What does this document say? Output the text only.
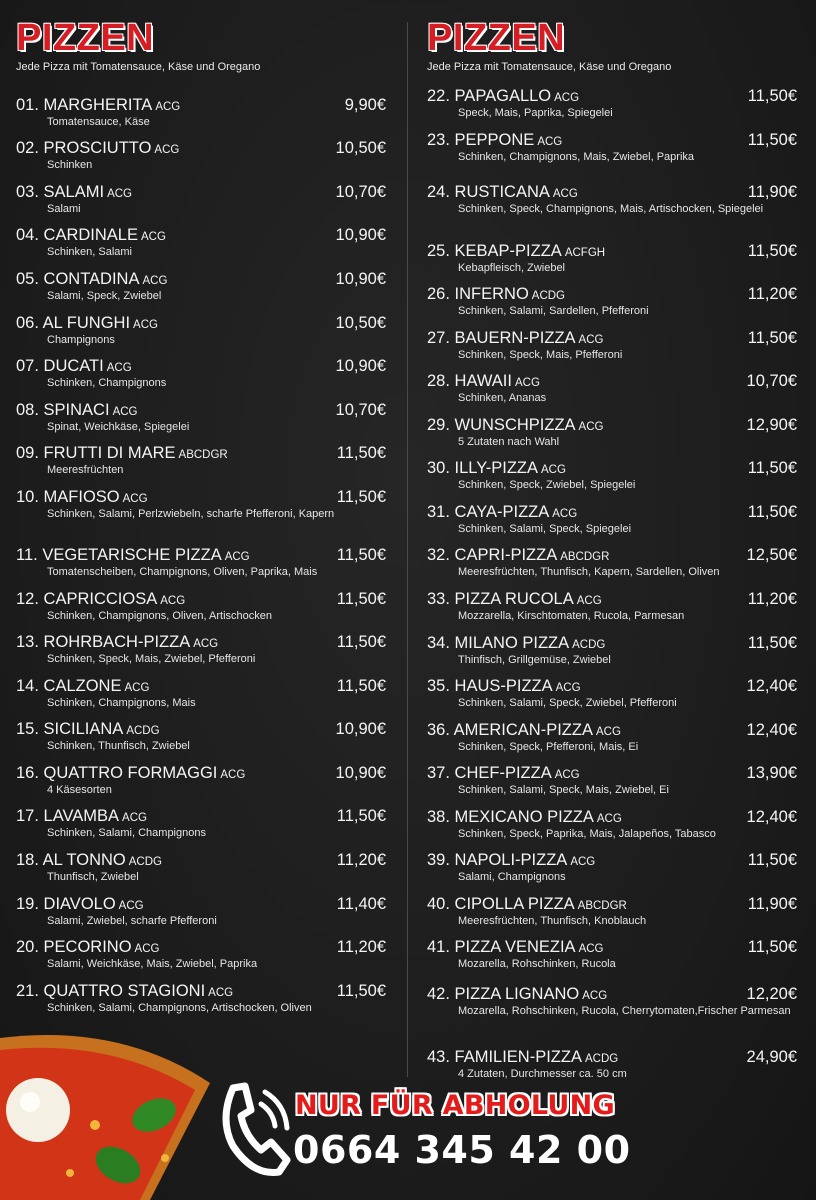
PIZZEN
Jede Pizza mit Tomatensauce, Käse und Oregano
01. MARGHERITA ACG	9,90€
Tomatensauce, Käse
02. PROSCIUTTO ACG	10,50€
Schinken
03. SALAMI ACG	10,70€
Salami
04. CARDINALE ACG	10,90€
Schinken, Salami
05. CONTADINA ACG	10,90€
Salami, Speck, Zwiebel
06. AL FUNGHI ACG	10,50€
Champignons
07. DUCATI ACG	10,90€
Schinken, Champignons
08. SPINACI ACG	10,70€
Spinat, Weichkäse, Spiegelei
09. FRUTTI DI MARE ABCDGR	11,50€
Meeresfrüchten
10. MAFIOSO ACG	11,50€
Schinken, Salami, Perlzwiebeln, scharfe Pfefferoni, Kapern
11. VEGETARISCHE PIZZA ACG	11,50€
Tomatenscheiben, Champignons, Oliven, Paprika, Mais
12. CAPRICCIOSA ACG	11,50€
Schinken, Champignons, Oliven, Artischocken
13. ROHRBACH-PIZZA ACG	11,50€
Schinken, Speck, Mais, Zwiebel, Pfefferoni
14. CALZONE ACG	11,50€
Schinken, Champignons, Mais
15. SICILIANA ACDG	10,90€
Schinken, Thunfisch, Zwiebel
16. QUATTRO FORMAGGI ACG	10,90€
4 Käsesorten
17. LAVAMBA ACG	11,50€
Schinken, Salami, Champignons
18. AL TONNO ACDG	11,20€
Thunfisch, Zwiebel
19. DIAVOLO ACG	11,40€
Salami, Zwiebel, scharfe Pfefferoni
20. PECORINO ACG	11,20€
Salami, Weichkäse, Mais, Zwiebel, Paprika
21. QUATTRO STAGIONI ACG	11,50€
Schinken, Salami, Champignons, Artischocken, Oliven
PIZZEN
Jede Pizza mit Tomatensauce, Käse und Oregano
22. PAPAGALLO ACG	11,50€
Speck, Mais, Paprika, Spiegelei
23. PEPPONE ACG	11,50€
Schinken, Champignons, Mais, Zwiebel, Paprika
24. RUSTICANA ACG	11,90€
Schinken, Speck, Champignons, Mais, Artischocken, Spiegelei
25. KEBAP-PIZZA ACFGH	11,50€
Kebapfleisch, Zwiebel
26. INFERNO ACDG	11,20€
Schinken, Salami, Sardellen, Pfefferoni
27. BAUERN-PIZZA ACG	11,50€
Schinken, Speck, Mais, Pfefferoni
28. HAWAII ACG	10,70€
Schinken, Ananas
29. WUNSCHPIZZA ACG	12,90€
5 Zutaten nach Wahl
30. ILLY-PIZZA ACG	11,50€
Schinken, Speck, Zwiebel, Spiegelei
31. CAYA-PIZZA ACG	11,50€
Schinken, Salami, Speck, Spiegelei
32. CAPRI-PIZZA ABCDGR	12,50€
Meeresfrüchten, Thunfisch, Kapern, Sardellen, Oliven
33. PIZZA RUCOLA ACG	11,20€
Mozzarella, Kirschtomaten, Rucola, Parmesan
34. MILANO PIZZA ACDG	11,50€
Thinfisch, Grillgemüse, Zwiebel
35. HAUS-PIZZA ACG	12,40€
Schinken, Salami, Speck, Zwiebel, Pfefferoni
36. AMERICAN-PIZZA ACG	12,40€
Schinken, Speck, Pfefferoni, Mais, Ei
37. CHEF-PIZZA ACG	13,90€
Schinken, Salami, Speck, Mais, Zwiebel, Ei
38. MEXICANO PIZZA ACG	12,40€
Schinken, Speck, Paprika, Mais, Jalapeños, Tabasco
39. NAPOLI-PIZZA ACG	11,50€
Salami, Champignons
40. CIPOLLA PIZZA ABCDGR	11,90€
Meeresfrüchten, Thunfisch, Knoblauch
41. PIZZA VENEZIA ACG	11,50€
Mozarella, Rohschinken, Rucola
42. PIZZA LIGNANO ACG	12,20€
Mozarella, Rohschinken, Rucola, Cherrytomaten,Frischer Parmesan
43. FAMILIEN-PIZZA ACDG	24,90€
4 Zutaten, Durchmesser ca. 50 cm
NUR FÜR ABHOLUNG
0664 345 42 00
